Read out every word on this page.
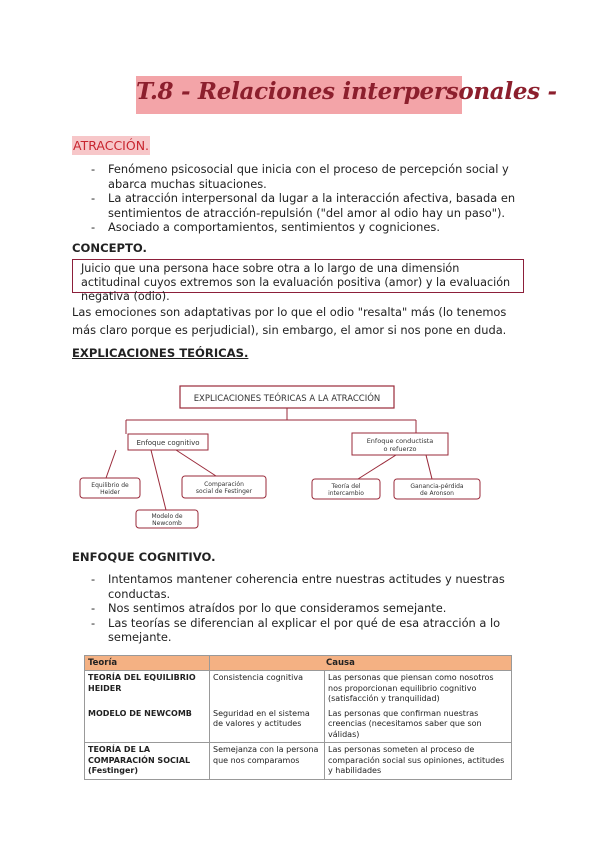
T.8 - Relaciones interpersonales -
ATRACCIÓN.
- Fenómeno psicosocial que inicia con el proceso de percepción social y abarca muchas situaciones.
- La atracción interpersonal da lugar a la interacción afectiva, basada en sentimientos de atracción-repulsión ("del amor al odio hay un paso").
- Asociado a comportamientos, sentimientos y cogniciones.
CONCEPTO.
Juicio que una persona hace sobre otra a lo largo de una dimensión actitudinal cuyos extremos son la evaluación positiva (amor) y la evaluación negativa (odio).
Las emociones son adaptativas por lo que el odio "resalta" más (lo tenemos más claro porque es perjudicial), sin embargo, el amor si nos pone en duda.
EXPLICACIONES TEÓRICAS.
EXPLICACIONES TEÓRICAS A LA ATRACCIÓN
Enfoque cognitivo	Enfoque conductista
o refuerzo
Equilibrio de
Heider
Modelo de
Newcomb
Comparación
social de Festinger
Teoría del
intercambio
Ganancia-pérdida
de Aronson
ENFOQUE COGNITIVO.
- Intentamos mantener coherencia entre nuestras actitudes y nuestras conductas.
- Nos sentimos atraídos por lo que consideramos semejante.
- Las teorías se diferencian al explicar el por qué de esa atracción a lo semejante.
Teoría	Causa	
TEORÍA DEL EQUILIBRIO HEIDER	Consistencia cognitiva	Las personas que piensan como nosotros nos proporcionan equilibrio cognitivo (satisfacción y tranquilidad)
MODELO DE NEWCOMB	Seguridad en el sistema de valores y actitudes	Las personas que confirman nuestras creencias (necesitamos saber que son válidas)
TEORÍA DE LA COMPARACIÓN SOCIAL (Festinger)	Semejanza con la persona que nos comparamos	Las personas someten al proceso de comparación social sus opiniones, actitudes y habilidades
